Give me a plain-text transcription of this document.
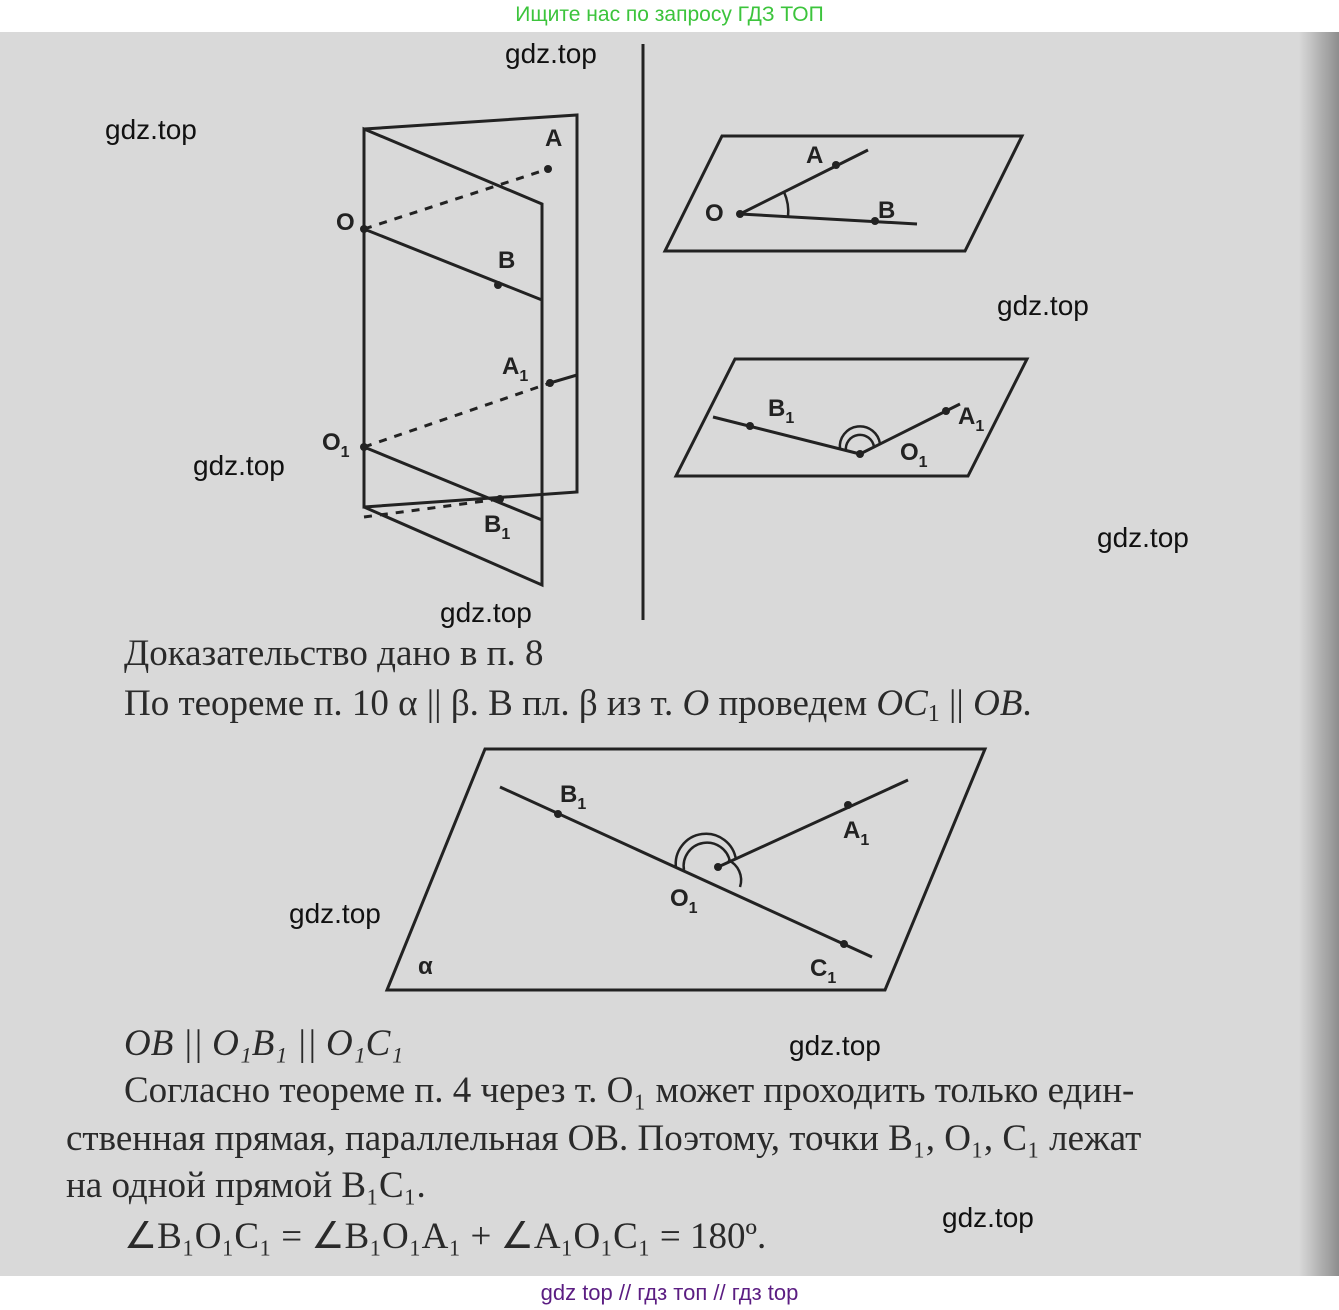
Ищите нас по запросу ГДЗ ТОП
A
O
B
$A_1$
$O_1$
$B_1$
A
O	B
$B_1$	$A_1$
$O_1$
$B_1$
$A_1$
$O_1$
$C_1$
α

Доказательство дано в п. 8

По теореме п. 10 α || β. В пл. β из т. O проведем $OC_1$ || OB.

OB || O₁B₁ || O₁C₁

Согласно теореме п. 4 через т. O₁ может проходить только един-

ственная прямая, параллельная OB. Поэтому, точки B₁, O₁, C₁ лежат

на одной прямой B₁C₁.

∠B₁O₁C₁ = ∠B₁O₁A₁ + ∠A₁O₁C₁ = 180º.

gdz.top
gdz.top
gdz.top
gdz.top
gdz.top
gdz.top
gdz.top
gdz.top
gdz.top
gdz top // гдз топ // гдз top
